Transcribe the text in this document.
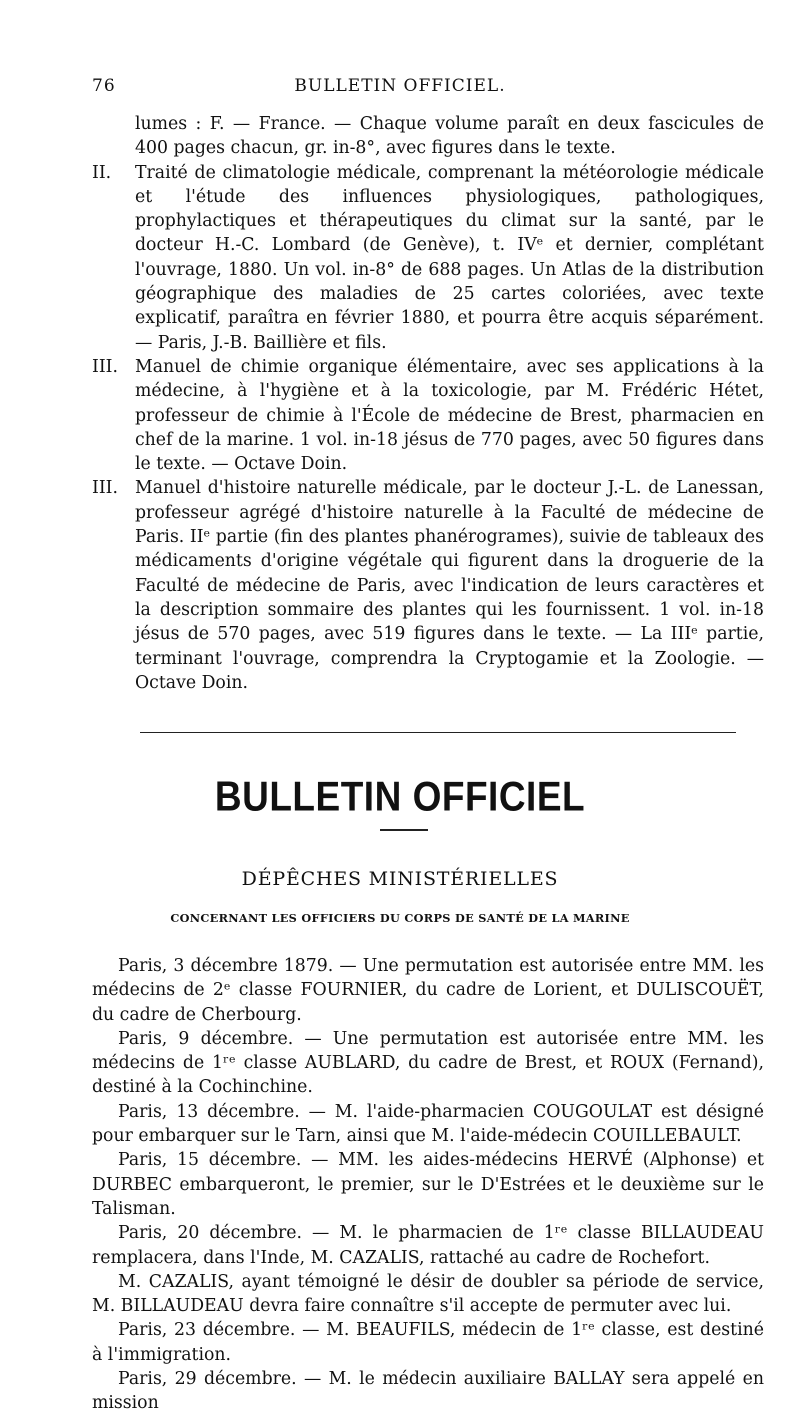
76	BULLETIN OFFICIEL.

lumes : F. — France. — Chaque volume paraît en deux fascicules de 400 pages chacun, gr. in-8°, avec figures dans le texte.

II. Traité de climatologie médicale, comprenant la météorologie médicale et l'étude des influences physiologiques, pathologiques, prophylactiques et thérapeutiques du climat sur la santé, par le docteur H.-C. Lombard (de Genève), t. IVᵉ et dernier, complétant l'ouvrage, 1880. Un vol. in-8° de 688 pages. Un Atlas de la distribution géographique des maladies de 25 cartes coloriées, avec texte explicatif, paraîtra en février 1880, et pourra être acquis séparément. — Paris, J.-B. Baillière et fils.

III. Manuel de chimie organique élémentaire, avec ses applications à la médecine, à l'hygiène et à la toxicologie, par M. Frédéric Hétet, professeur de chimie à l'École de médecine de Brest, pharmacien en chef de la marine. 1 vol. in-18 jésus de 770 pages, avec 50 figures dans le texte. — Octave Doin.

III. Manuel d'histoire naturelle médicale, par le docteur J.-L. de Lanessan, professeur agrégé d'histoire naturelle à la Faculté de médecine de Paris. IIᵉ partie (fin des plantes phanérogrames), suivie de tableaux des médicaments d'origine végétale qui figurent dans la droguerie de la Faculté de médecine de Paris, avec l'indication de leurs caractères et la description sommaire des plantes qui les fournissent. 1 vol. in-18 jésus de 570 pages, avec 519 figures dans le texte. — La IIIᵉ partie, terminant l'ouvrage, comprendra la Cryptogamie et la Zoologie. — Octave Doin.

BULLETIN OFFICIEL
DÉPÊCHES MINISTÉRIELLES
CONCERNANT LES OFFICIERS DU CORPS DE SANTÉ DE LA MARINE

Paris, 3 décembre 1879. — Une permutation est autorisée entre MM. les médecins de 2ᵉ classe FOURNIER, du cadre de Lorient, et DULISCOUËT, du cadre de Cherbourg.

Paris, 9 décembre. — Une permutation est autorisée entre MM. les médecins de 1ʳᵉ classe AUBLARD, du cadre de Brest, et ROUX (Fernand), destiné à la Cochinchine.

Paris, 13 décembre. — M. l'aide-pharmacien COUGOULAT est désigné pour embarquer sur le Tarn, ainsi que M. l'aide-médecin COUILLEBAULT.

Paris, 15 décembre. — MM. les aides-médecins HERVÉ (Alphonse) et DURBEC embarqueront, le premier, sur le D'Estrées et le deuxième sur le Talisman.

Paris, 20 décembre. — M. le pharmacien de 1ʳᵉ classe BILLAUDEAU remplacera, dans l'Inde, M. CAZALIS, rattaché au cadre de Rochefort.

M. CAZALIS, ayant témoigné le désir de doubler sa période de service, M. BILLAUDEAU devra faire connaître s'il accepte de permuter avec lui.

Paris, 23 décembre. — M. BEAUFILS, médecin de 1ʳᵉ classe, est destiné à l'immigration.

Paris, 29 décembre. — M. le médecin auxiliaire BALLAY sera appelé en mission
